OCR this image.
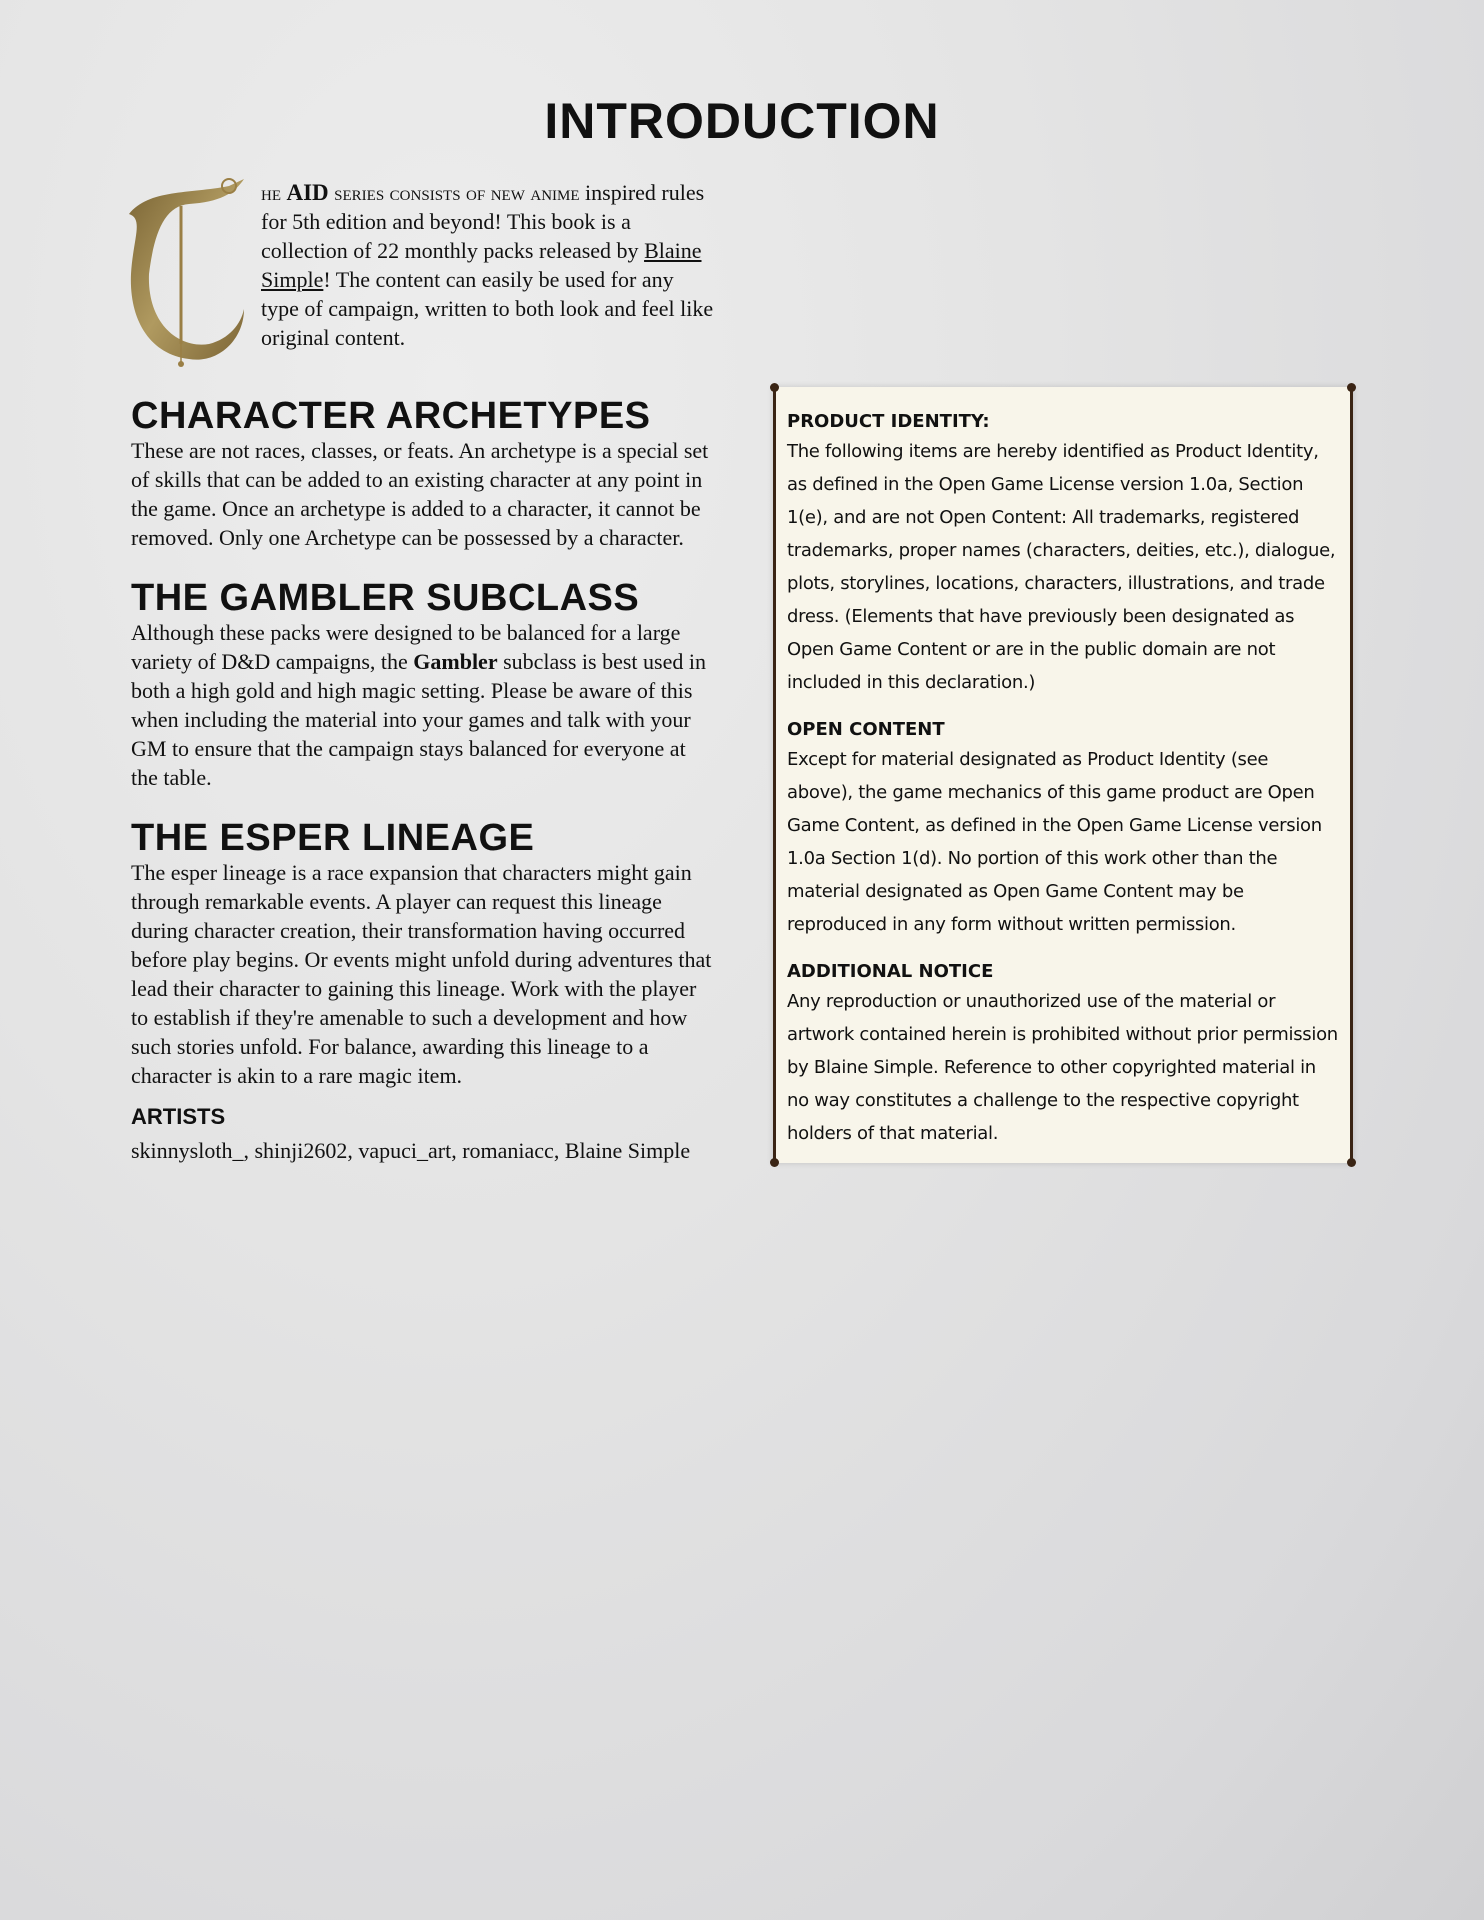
INTRODUCTION
he AID series consists of new anime inspired rules for 5th edition and beyond! This book is a collection of 22 monthly packs released by Blaine Simple! The content can easily be used for any type of campaign, written to both look and feel like original content.
CHARACTER ARCHETYPES

These are not races, classes, or feats. An archetype is a special set of skills that can be added to an existing character at any point in the game. Once an archetype is added to a character, it cannot be removed. Only one Archetype can be possessed by a character.

THE GAMBLER SUBCLASS

Although these packs were designed to be balanced for a large variety of D&D campaigns, the Gambler subclass is best used in both a high gold and high magic setting. Please be aware of this when including the material into your games and talk with your GM to ensure that the campaign stays balanced for everyone at the table.

THE ESPER LINEAGE

The esper lineage is a race expansion that characters might gain through remarkable events. A player can request this lineage during character creation, their transformation having occurred before play begins. Or events might unfold during adventures that lead their character to gaining this lineage. Work with the player to establish if they're amenable to such a development and how such stories unfold. For balance, awarding this lineage to a character is akin to a rare magic item.

ARTISTS

skinnysloth_, shinji2602, vapuci_art, romaniacc, Blaine Simple

PRODUCT IDENTITY:

The following items are hereby identified as Product Identity, as defined in the Open Game License version 1.0a, Section 1(e), and are not Open Content: All trademarks, registered trademarks, proper names (characters, deities, etc.), dialogue, plots, storylines, locations, characters, illustrations, and trade dress. (Elements that have previously been designated as Open Game Content or are in the public domain are not included in this declaration.)

OPEN CONTENT

Except for material designated as Product Identity (see above), the game mechanics of this game product are Open Game Content, as defined in the Open Game License version 1.0a Section 1(d). No portion of this work other than the material designated as Open Game Content may be reproduced in any form without written permission.

ADDITIONAL NOTICE

Any reproduction or unauthorized use of the material or artwork contained herein is prohibited without prior permission by Blaine Simple. Reference to other copyrighted material in no way constitutes a challenge to the respective copyright holders of that material.
